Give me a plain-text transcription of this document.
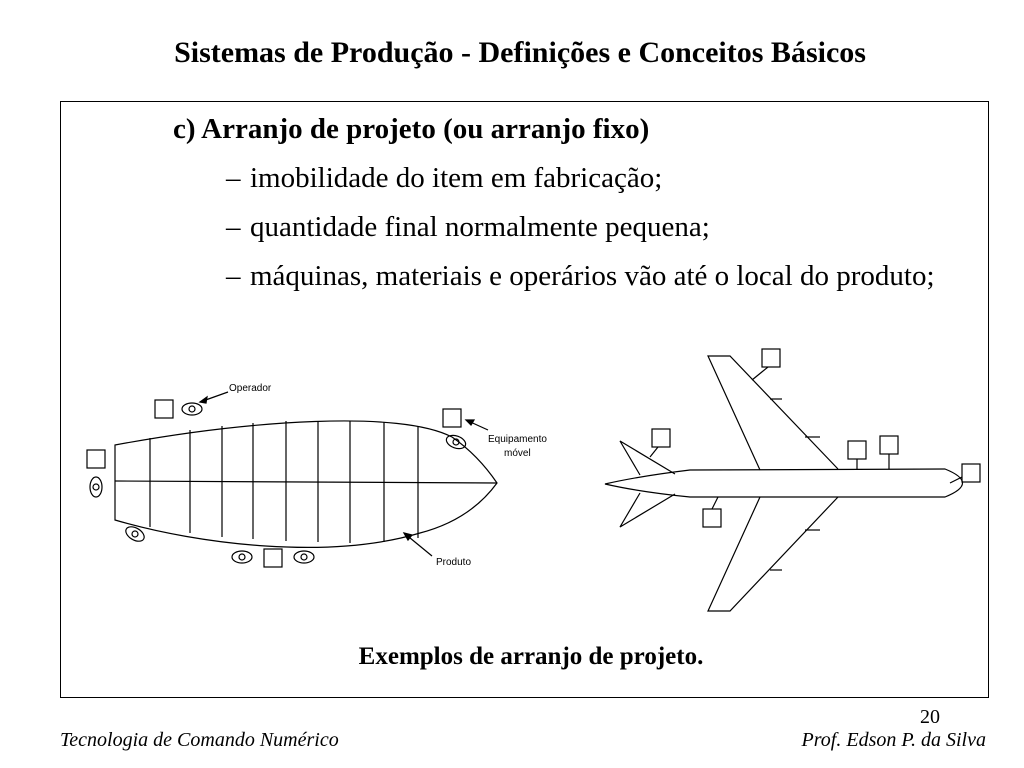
Sistemas de Produção - Definições e Conceitos Básicos
c) Arranjo de projeto (ou arranjo fixo)
– imobilidade do item em fabricação;
– quantidade final normalmente pequena;
– máquinas, materiais e operários vão até o local do produto;
Operador
Equipamento
móvel
Produto
Exemplos de arranjo de projeto.
20
Tecnologia de Comando Numérico	Prof. Edson P. da Silva
